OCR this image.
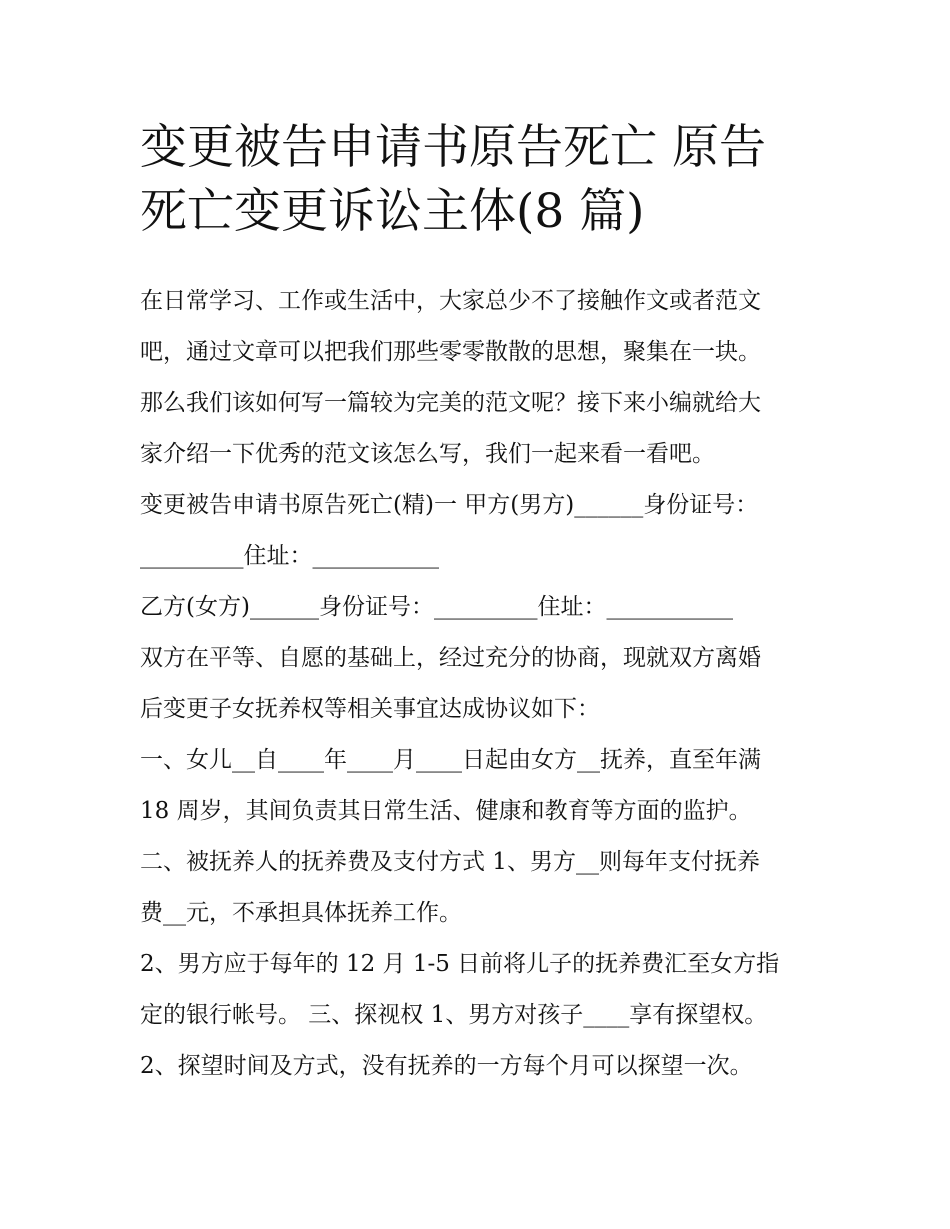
变更被告申请书原告死亡 原告
死亡变更诉讼主体(8 篇)
在日常学习、工作或生活中，大家总少不了接触作文或者范文
吧，通过文章可以把我们那些零零散散的思想，聚集在一块。
那么我们该如何写一篇较为完美的范文呢？接下来小编就给大
家介绍一下优秀的范文该怎么写，我们一起来看一看吧。
变更被告申请书原告死亡(精)一 甲方(男方)______身份证号：
_________住址：___________
乙方(女方)______身份证号：_________住址：___________
双方在平等、自愿的基础上，经过充分的协商，现就双方离婚
后变更子女抚养权等相关事宜达成协议如下：
一、女儿__自____年____月____日起由女方__抚养，直至年满
18 周岁，其间负责其日常生活、健康和教育等方面的监护。
二、被抚养人的抚养费及支付方式 1、男方__则每年支付抚养
费__元，不承担具体抚养工作。
2、男方应于每年的 12 月 1-5 日前将儿子的抚养费汇至女方指
定的银行帐号。 三、探视权 1、男方对孩子____享有探望权。
2、探望时间及方式，没有抚养的一方每个月可以探望一次。
